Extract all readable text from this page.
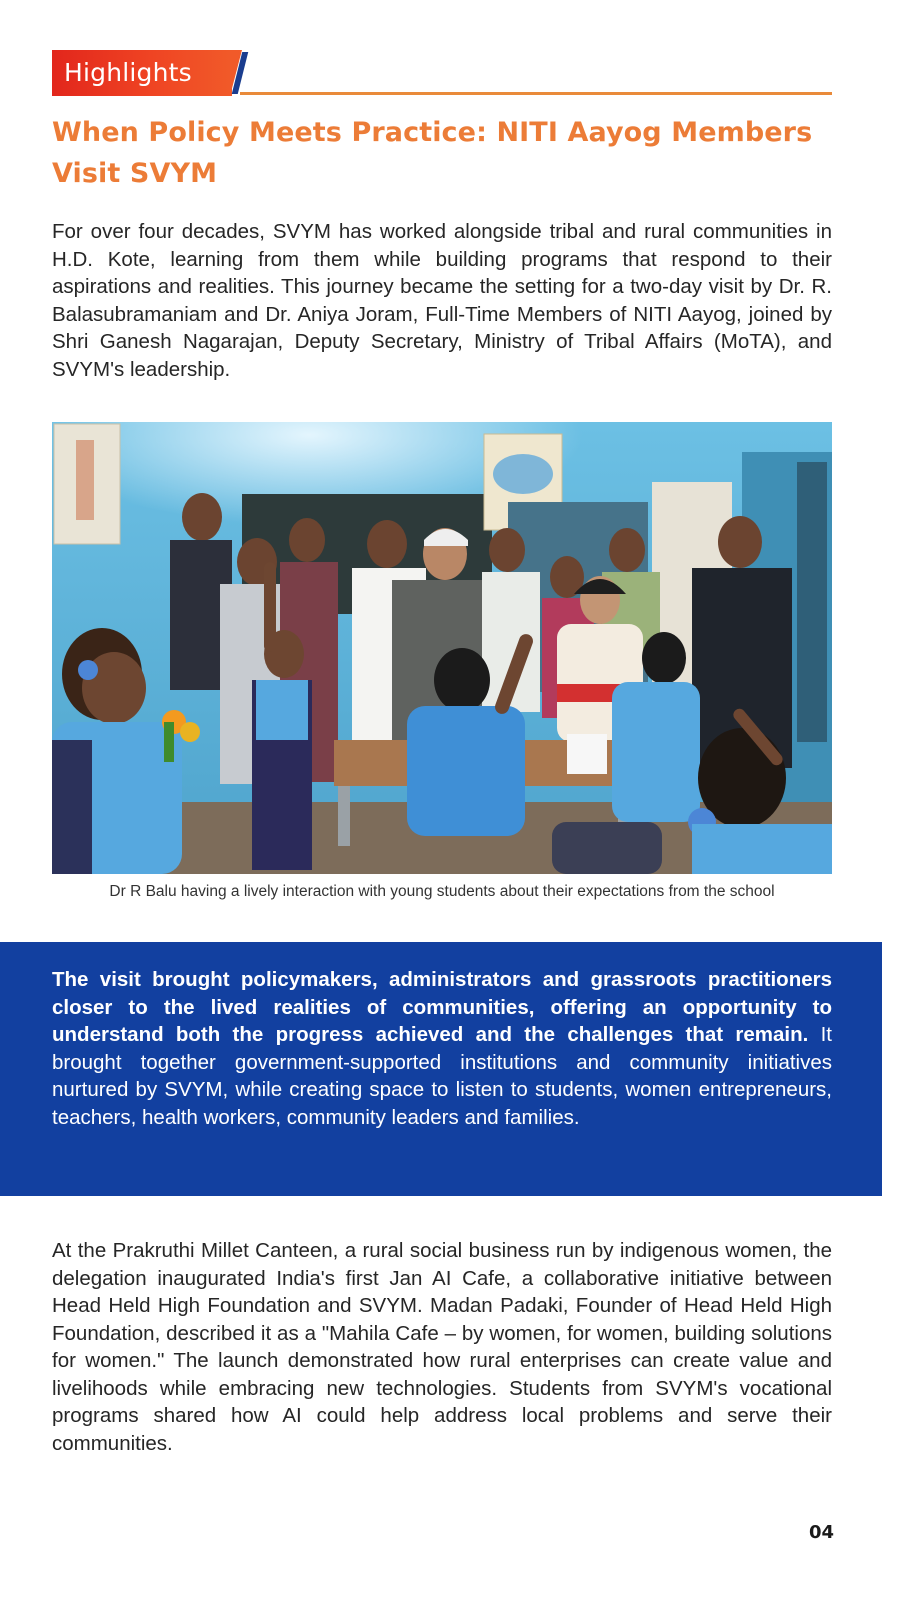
Highlights
When Policy Meets Practice: NITI Aayog Members Visit SVYM

For over four decades, SVYM has worked alongside tribal and rural communities in H.D. Kote, learning from them while building programs that respond to their aspirations and realities. This journey became the setting for a two-day visit by Dr. R. Balasubramaniam and Dr. Aniya Joram, Full-Time Members of NITI Aayog, joined by Shri Ganesh Nagarajan, Deputy Secretary, Ministry of Tribal Affairs (MoTA), and SVYM's leadership.

Dr R Balu having a lively interaction with young students about their expectations from the school

The visit brought policymakers, administrators and grassroots practitioners closer to the lived realities of communities, offering an opportunity to understand both the progress achieved and the challenges that remain. It brought together government-supported institutions and community initiatives nurtured by SVYM, while creating space to listen to students, women entrepreneurs, teachers, health workers, community leaders and families.

At the Prakruthi Millet Canteen, a rural social business run by indigenous women, the delegation inaugurated India's first Jan AI Cafe, a collaborative initiative between Head Held High Foundation and SVYM. Madan Padaki, Founder of Head Held High Foundation, described it as a "Mahila Cafe – by women, for women, building solutions for women." The launch demonstrated how rural enterprises can create value and livelihoods while embracing new technologies. Students from SVYM's vocational programs shared how AI could help address local problems and serve their communities.

04
